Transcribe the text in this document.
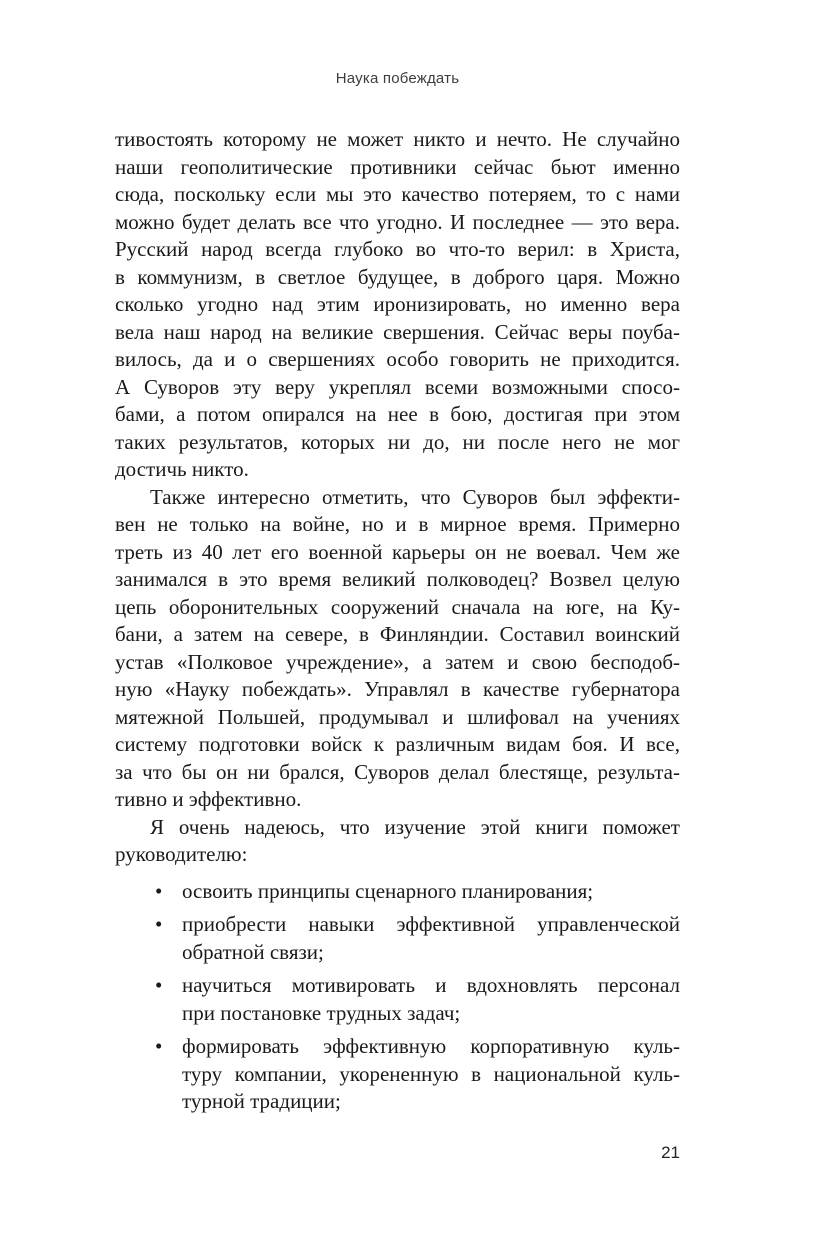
Наука побеждать
тивостоять которому не может никто и нечто. Не случайно
наши геополитические противники сейчас бьют именно
сюда, поскольку если мы это качество потеряем, то с нами
можно будет делать все что угодно. И последнее — это вера.
Русский народ всегда глубоко во что-то верил: в Христа,
в коммунизм, в светлое будущее, в доброго царя. Можно
сколько угодно над этим иронизировать, но именно вера
вела наш народ на великие свершения. Сейчас веры поуба-
вилось, да и о свершениях особо говорить не приходится.
А Суворов эту веру укреплял всеми возможными спосо-
бами, а потом опирался на нее в бою, достигая при этом
таких результатов, которых ни до, ни после него не мог
достичь никто.
Также интересно отметить, что Суворов был эффекти-
вен не только на войне, но и в мирное время. Примерно
треть из 40 лет его военной карьеры он не воевал. Чем же
занимался в это время великий полководец? Возвел целую
цепь оборонительных сооружений сначала на юге, на Ку-
бани, а затем на севере, в Финляндии. Составил воинский
устав «Полковое учреждение», а затем и свою бесподоб-
ную «Науку побеждать». Управлял в качестве губернатора
мятежной Польшей, продумывал и шлифовал на учениях
систему подготовки войск к различным видам боя. И все,
за что бы он ни брался, Суворов делал блестяще, результа-
тивно и эффективно.
Я очень надеюсь, что изучение этой книги поможет
руководителю:
• освоить принципы сценарного планирования;
• приобрести навыки эффективной управленческой
обратной связи;
• научиться мотивировать и вдохновлять персонал
при постановке трудных задач;
• формировать эффективную корпоративную куль-
туру компании, укорененную в национальной куль-
турной традиции;
21
